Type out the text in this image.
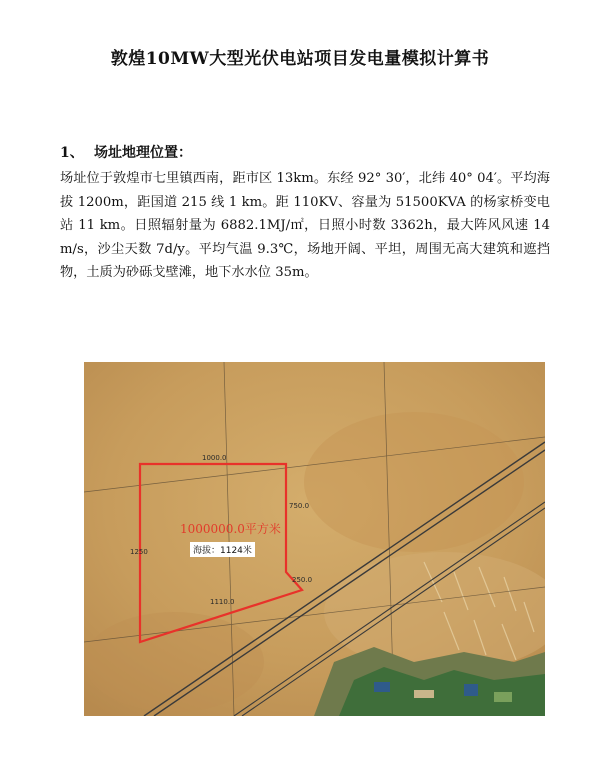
敦煌10MW大型光伏电站项目发电量模拟计算书
1、 场址地理位置：
场址位于敦煌市七里镇西南，距市区 13km。东经 92° 30′，北纬 40° 04′。平均海拔 1200m，距国道 215 线 1 km。距 110KV、容量为 51500KVA 的杨家桥变电站 11 km。日照辐射量为 6882.1MJ/㎡，日照小时数 3362h，最大阵风风速 14m/s，沙尘天数 7d/y。平均气温 9.3℃，场地开阔、平坦，周围无高大建筑和遮挡物，土质为砂砾戈壁滩，地下水水位 35m。
1000000.0平方米
海拔：1124米
1000.0
750.0
1250
1110.0
250.0
